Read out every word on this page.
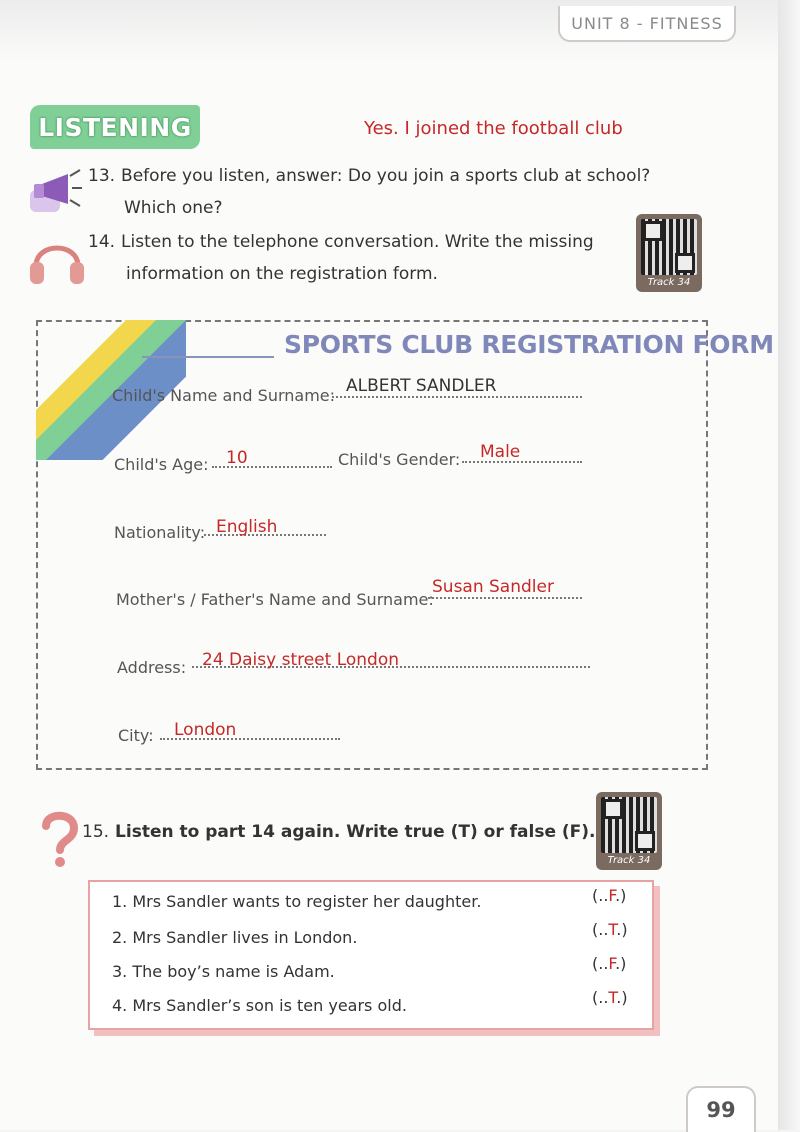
UNIT 8 - FITNESS
LISTENING	Yes. I joined the football club
13. Before you listen, answer: Do you join a sports club at school?
Which one?
14. Listen to the telephone conversation. Write the missing
information on the registration form.	Track 34
SPORTS CLUB REGISTRATION FORM
Child's Name and Surname: ALBERT SANDLER
Child's Age: 10	Child's Gender: Male
Nationality: English
Mother's / Father's Name and Surname:
Susan Sandler
Address: 24 Daisy street London
City: London
15. Listen to part 14 again. Write true (T) or false (F).
Track 34
1. Mrs Sandler wants to register her daughter.	(..F.)
2. Mrs Sandler lives in London.	(..T.)
3. The boy’s name is Adam.	(..F.)
4. Mrs Sandler’s son is ten years old.	(..T.)
99
